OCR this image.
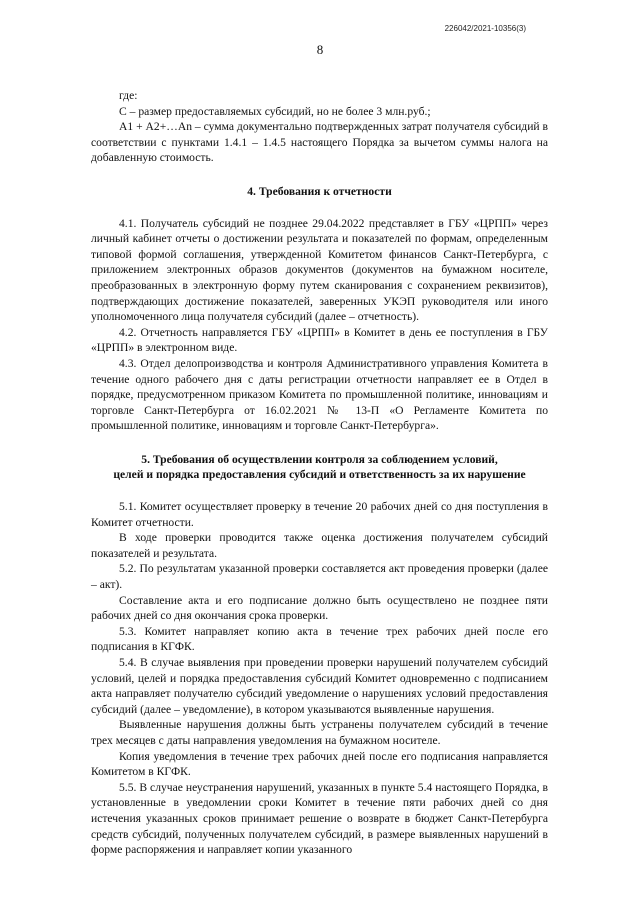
226042/2021-10356(3)
8

где:

С – размер предоставляемых субсидий, но не более 3 млн.руб.;

А1 + А2+…Аn – сумма документально подтвержденных затрат получателя субсидий в соответствии с пунктами 1.4.1 – 1.4.5 настоящего Порядка за вычетом суммы налога на добавленную стоимость.

4. Требования к отчетности

4.1. Получатель субсидий не позднее 29.04.2022 представляет в ГБУ «ЦРПП» через личный кабинет отчеты о достижении результата и показателей по формам, определенным типовой формой соглашения, утвержденной Комитетом финансов Санкт-Петербурга, с приложением электронных образов документов (документов на бумажном носителе, преобразованных в электронную форму путем сканирования с сохранением реквизитов), подтверждающих достижение показателей, заверенных УКЭП руководителя или иного уполномоченного лица получателя субсидий (далее – отчетность).

4.2. Отчетность направляется ГБУ «ЦРПП» в Комитет в день ее поступления в ГБУ «ЦРПП» в электронном виде.

4.3. Отдел делопроизводства и контроля Административного управления Комитета в течение одного рабочего дня с даты регистрации отчетности направляет ее в Отдел в порядке, предусмотренном приказом Комитета по промышленной политике, инновациям и торговле Санкт-Петербурга от 16.02.2021 № 13-П «О Регламенте Комитета по промышленной политике, инновациям и торговле Санкт-Петербурга».

5. Требования об осуществлении контроля за соблюдением условий,

целей и порядка предоставления субсидий и ответственность за их нарушение

5.1. Комитет осуществляет проверку в течение 20 рабочих дней со дня поступления в Комитет отчетности.

В ходе проверки проводится также оценка достижения получателем субсидий показателей и результата.

5.2. По результатам указанной проверки составляется акт проведения проверки (далее – акт).

Составление акта и его подписание должно быть осуществлено не позднее пяти рабочих дней со дня окончания срока проверки.

5.3. Комитет направляет копию акта в течение трех рабочих дней после его подписания в КГФК.

5.4. В случае выявления при проведении проверки нарушений получателем субсидий условий, целей и порядка предоставления субсидий Комитет одновременно с подписанием акта направляет получателю субсидий уведомление о нарушениях условий предоставления субсидий (далее – уведомление), в котором указываются выявленные нарушения.

Выявленные нарушения должны быть устранены получателем субсидий в течение трех месяцев с даты направления уведомления на бумажном носителе.

Копия уведомления в течение трех рабочих дней после его подписания направляется Комитетом в КГФК.

5.5. В случае неустранения нарушений, указанных в пункте 5.4 настоящего Порядка, в установленные в уведомлении сроки Комитет в течение пяти рабочих дней со дня истечения указанных сроков принимает решение о возврате в бюджет Санкт-Петербурга средств субсидий, полученных получателем субсидий, в размере выявленных нарушений в форме распоряжения и направляет копии указанного
